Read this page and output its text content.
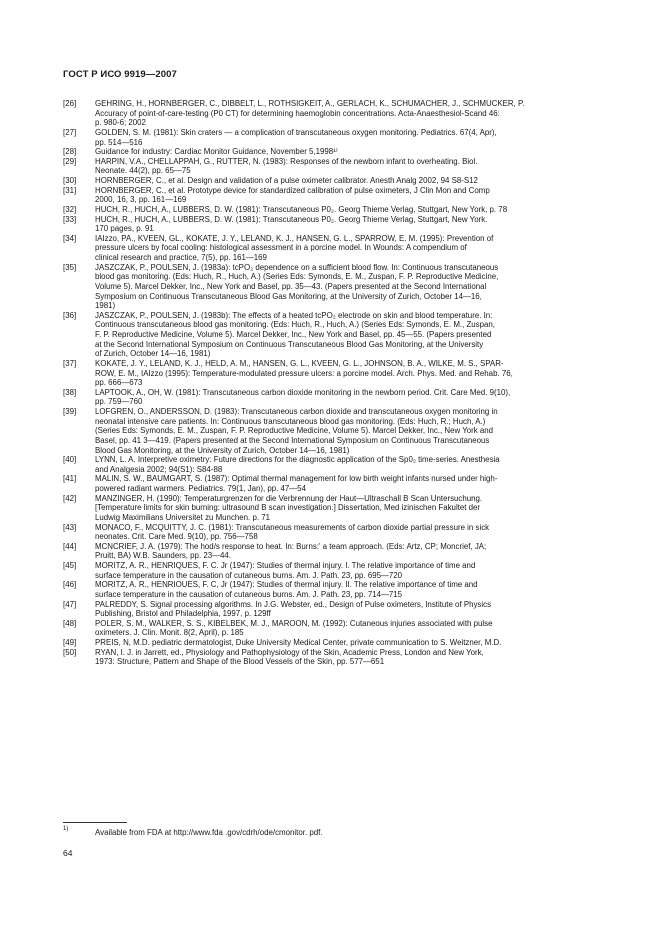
ГОСТ Р ИСО 9919—2007
[26]	GEHRING, H., HORNBERGER, C., DIBBELT, L., ROTHSIGKEIT, A., GERLACH, K., SCHUMACHER, J., SCHMUCKER, P.
Accuracy of point-of-care-testing (P0 CT) for determining haemoglobin concentrations. Acta-Anaesthesiol-Scand 46:
p. 980-6; 2002
[27]	GOLDEN, S. M. (1981): Skin craters — a complication of transcutaneous oxygen monitoring. Pediatrics. 67(4, Apr),
pp. 514—516
[28]	Guidance for industry: Cardiac Monitor Guidance, November 5,1998¹⁾
[29]	HARPIN, V.A., CHELLAPPAH, G., RUTTER, N. (1983): Responses of the newborn infant to overheating. Biol.
Neonate. 44(2), pp. 65—75
[30]	HORNBERGER, C., et al. Design and validation of a pulse oximeter calibrator. Anesth Analg 2002, 94 S8-S12
[31]	HORNBERGER, C., et al. Prototype device for standardized calibration of pulse oximeters, J Clin Mon and Comp
2000, 16, 3, pp. 161—169
[32]	HUCH, R., HUCH, A., LUBBERS, D. W. (1981): Transcutaneous P0₂. Georg Thieme Verlag, Stuttgart, New York, p. 78
[33]	HUCH, R., HUCH, A., LUBBERS, D. W. (1981): Transcutaneous P0₂. Georg Thieme Verlag, Stuttgart, New York.
170 pages, p. 91
[34]	IAIzzo, PA., KVEEN, GL., KOKATE, J. Y., LELAND, K. J., HANSEN, G. L., SPARROW, E. M. (1995): Prevention of
pressure ulcers by focal cooling: histological assessment in a porcine model. In Wounds: A compendium of
clinical research and practice, 7(5), pp. 161—169
[35]	JASZCZAK, P., POULSEN, J. (1983a): tcPO₂ dependence on a sufficient blood flow. In: Continuous transcutaneous
blood gas monitoring. (Eds: Huch, R., Huch, A.) (Series Eds: Symonds, E. M., Zuspan, F. P. Reproductive Medicine,
Volume 5). Marcel Dekker, Inc., New York and Basel, pp. 35—43. (Papers presented at the Second International
Symposium on Continuous Transcutaneous Blood Gas Monitoring, at the University of Zurich, October 14—16,
1981)
[36]	JASZCZAK, P., POULSEN, J. (1983b): The effects of a heated tcPO₂ electrode on skin and blood temperature. In:
Continuous transcutaneous blood gas monitoring. (Eds: Huch, R., Huch, A.) (Series Eds: Symonds, E. M., Zuspan,
F. P. Reproductive Medicine, Volume 5). Marcel Dekker, Inc., New York and Basel, pp. 45—55. (Papers presented
at the Second International Symposium on Continuous Transcutaneous Blood Gas Monitoring, at the University
of Zurich, October 14—16, 1981)
[37]	KOKATE, J. Y., LELAND, K. J., HELD, A. M., HANSEN, G. L., KVEEN, G. L., JOHNSON, B. A., WILKE, M. S., SPAR-
ROW, E. M., IAIzzo (1995): Temperature-modulated pressure ulcers: a porcine model. Arch. Phys. Med. and Rehab. 76,
pp. 666—673
[38]	LAPTOOK, A., OH, W. (1981): Transcutaneous carbon dioxide monitoring in the newborn period. Crit. Care Med. 9(10),
pp. 759—760
[39]	LOFGREN, O., ANDERSSON, D. (1983): Transcutaneous carbon dioxide and transcutaneous oxygen monitoring in
neonatal intensive care patients. In: Continuous transcutaneous blood gas monitoring. (Eds: Huch, R.; Huch, A.)
(Series Eds: Symonds, E. M., Zuspan, F. P. Reproductive Medicine, Volume 5). Marcel Dekker, Inc., New York and
Basel, pp. 41 3—419. (Papers presented at the Second International Symposium on Continuous Transcutaneous
Blood Gas Monitoring, at the University of Zurich, October 14—16, 1981)
[40]	LYNN, L. A. Interpretive oximetry: Future directions for the diagnostic application of the Sp0₂ time-series. Anesthesia
and Analgesia 2002; 94(S1): S84-88
[41]	MALIN, S. W., BAUMGART, S. (1987): Optimal thermal management for low birth weight infants nursed under high-
powered radiant warmers. Pediatrics. 79(1, Jan), pp. 47—54
[42]	MANZINGER, H. (1990): Temperaturgrenzen for die Verbrennung der Haut—Ultraschall B Scan Untersuchung.
[Temperature limits for skin burning: ultrasound B scan investigation.] Dissertation, Med izinischen Fakultet der
Ludwig Maximilians Universitet zu Munchen. p. 71
[43]	MONACO, F., MCQUITTY, J. C. (1981): Transcutaneous measurements of carbon dioxide partial pressure in sick
neonates. Crit. Care Med. 9(10), pp. 756—758
[44]	MCNCRIEF, J. A. (1979): The hod/s response to heat. In: Burns:' a team approach. (Eds: Artz, CP; Moncrief, JA;
Pruitt, BA) W.B. Saunders, pp. 23—44.
[45]	MORITZ, A. R., HENRIQUES, F. C. Jr (1947): Studies of thermal injury. I. The relative importance of time and
surface temperature in the causation of cutaneous burns. Am. J. Path. 23, pp. 695—720
[46]	MORITZ, A. R., HENRIOUES, F. C, Jr (1947): Studies of thermal injury. II. The relative importance of time and
surface temperature in the causation of cutaneous burns. Am. J. Path. 23, pp. 714—715
[47]	PALREDDY, S. Signal processing algorithms. In J.G. Webster, ed., Design of Pulse oximeters, Institute of Physics
Publishing, Bristol and Philadelphia, 1997, p. 129ff
[48]	POLER, S. M., WALKER, S. S., KIBELBEK, M. J., MAROON, M. (1992): Cutaneous injuries associated with pulse
oximeters. J. Clin. Monit. 8(2, April), p. 185
[49]	PREIS, N, M.D. pediatric dermatologist, Duke University Medical Center, private communication to S. Weitzner, M.D.
[50]	RYAN, I. J. in Jarrett, ed., Physiology and Pathophysiology of the Skin, Academic Press, London and New York,
1973: Structure, Pattern and Shape of the Blood Vessels of the Skin, pp. 577—651
1)	Available from FDA at http://www.fda .gov/cdrh/ode/cmonitor. pdf.
64
